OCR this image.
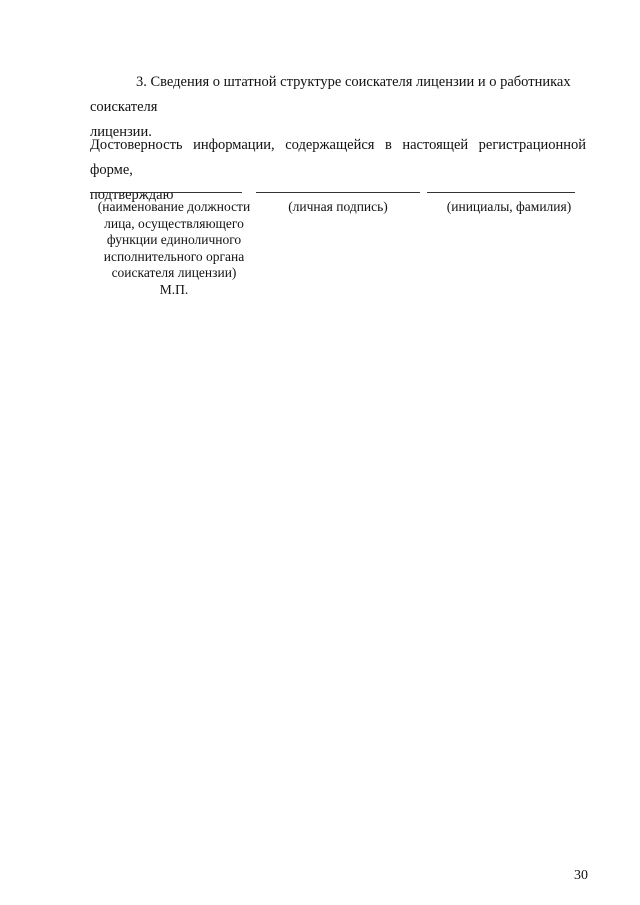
3. Сведения о штатной структуре соискателя лицензии и о работниках соискателя
лицензии.

Достоверность информации, содержащейся в настоящей регистрационной форме,
подтверждаю

(наименование должности
лица, осуществляющего
функции единоличного
исполнительного органа
соискателя лицензии)
М.П.
(личная подпись)	(инициалы, фамилия)
30
